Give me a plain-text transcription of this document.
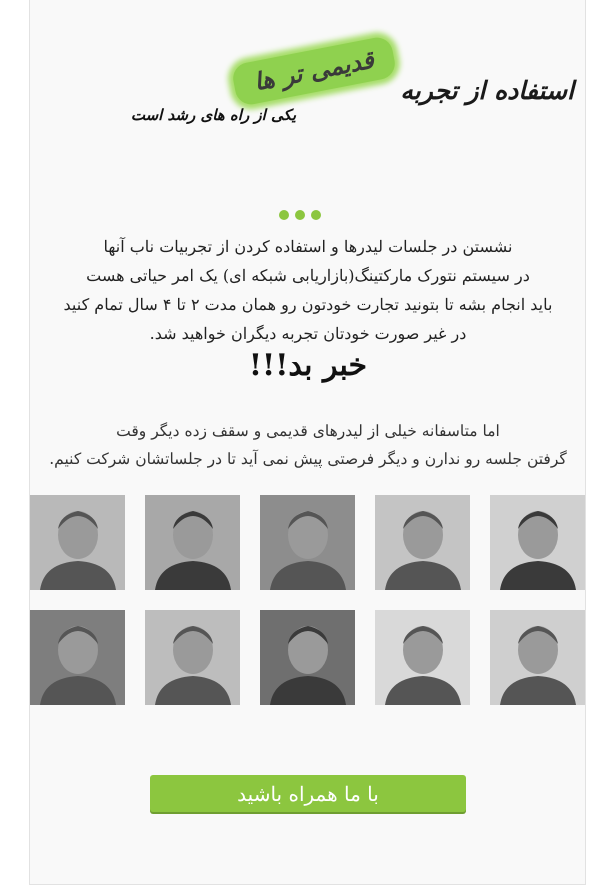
استفاده از تجربه
قدیمی تر ها
یکی از راه های رشد است
نشستن در جلسات لیدرها و استفاده کردن از تجربیات ناب آنها
در سیستم نتورک مارکتینگ(بازاریابی شبکه ای) یک امر حیاتی هست
باید انجام بشه تا بتونید تجارت خودتون رو همان مدت ۲ تا ۴ سال تمام کنید
در غیر صورت خودتان تجربه دیگران خواهید شد.
خبر بد!!!
اما متاسفانه خیلی از لیدرهای قدیمی و سقف زده دیگر وقت
گرفتن جلسه رو ندارن و دیگر فرصتی پیش نمی آید تا در جلساتشان شرکت کنیم.
با ما همراه باشید
